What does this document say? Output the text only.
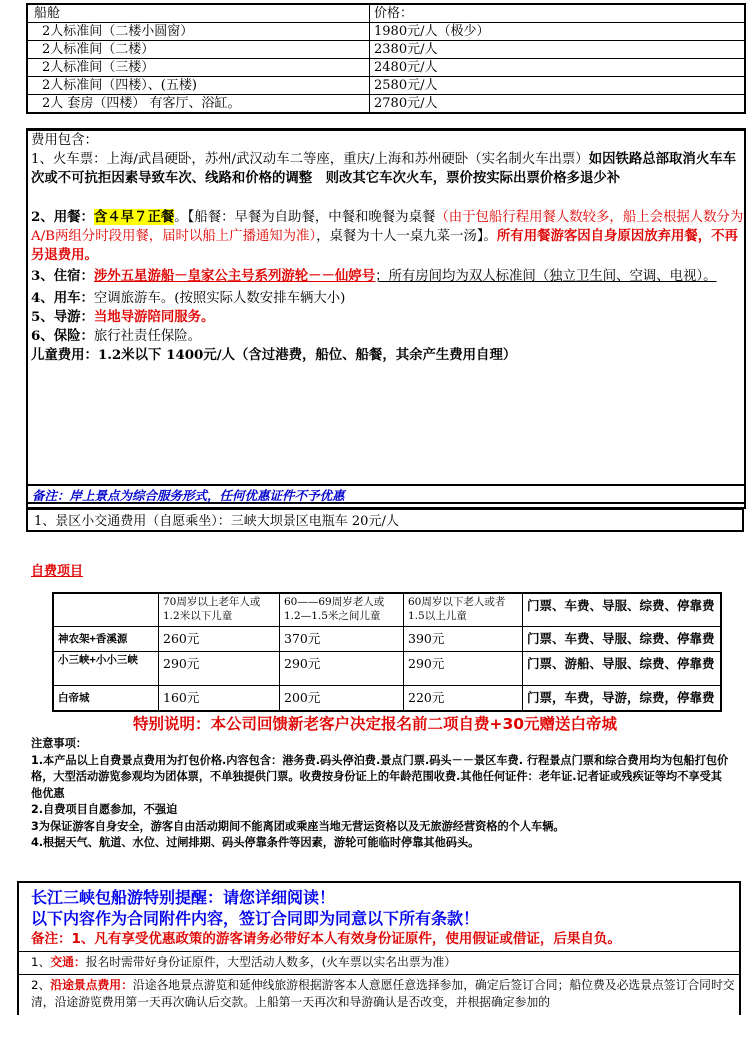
船舱	价格：
2人标准间（二楼小圆窗）	1980元/人（极少）
2人标准间（二楼）	2380元/人
2人标准间（三楼）	2480元/人
2人标准间（四楼）、(五楼)	2580元/人
2人 套房（四楼） 有客厅、浴缸。	2780元/人
费用包含：
1、火车票：上海/武昌硬卧，苏州/武汉动车二等座，重庆/上海和苏州硬卧（实名制火车出票）如因铁路总部取消火车车次或不可抗拒因素导致车次、线路和价格的调整　则改其它车次火车，票价按实际出票价格多退少补
2、用餐：含４早７正餐。【船餐：早餐为自助餐，中餐和晚餐为桌餐（由于包船行程用餐人数较多，船上会根据人数分为A/B两组分时段用餐，届时以船上广播通知为准），桌餐为十人一桌九菜一汤】。所有用餐游客因自身原因放弃用餐，不再另退费用。
3、住宿：涉外五星游船－皇家公主号系列游轮－－仙婷号；所有房间均为双人标准间（独立卫生间、空调、电视）。
4、用车：空调旅游车。(按照实际人数安排车辆大小)
5、导游：当地导游陪同服务。
6、保险：旅行社责任保险。
儿童费用：1.2米以下 1400元/人（含过港费，船位、船餐，其余产生费用自理）
备注：岸上景点为综合服务形式，任何优惠证件不予优惠
1、景区小交通费用（自愿乘坐）：三峡大坝景区电瓶车 20元/人
自费项目
	70周岁以上老年人或1.2米以下儿童	60——69周岁老人或1.2—1.5米之间儿童	60周岁以下老人或者1.5以上儿童	门票、车费、导服、综费、停靠费
神农架+香溪源	260元	370元	390元	门票、车费、导服、综费、停靠费
小三峡+小小三峡	290元	290元	290元	门票、游船、导服、综费、停靠费
白帝城	160元	200元	220元	门票，车费，导游，综费，停靠费
特别说明：本公司回馈新老客户决定报名前二项自费+30元赠送白帝城
注意事项：
1.本产品以上自费景点费用为打包价格.内容包含：港务费.码头停泊费.景点门票.码头－－景区车费. 行程景点门票和综合费用均为包船打包价格，大型活动游览参观均为团体票，不单独提供门票。收费按身份证上的年龄范围收费.其他任何证件：老年证.记者证或残疾证等均不享受其他优惠
2.自费项目自愿参加，不强迫
3为保证游客自身安全，游客自由活动期间不能离团或乘座当地无营运资格以及无旅游经营资格的个人车辆。
4.根据天气、航道、水位、过闸排期、码头停靠条件等因素，游轮可能临时停靠其他码头。
长江三峡包船游特别提醒：请您详细阅读！
以下内容作为合同附件内容，签订合同即为同意以下所有条款！
备注：1、凡有享受优惠政策的游客请务必带好本人有效身份证原件，使用假证或借证，后果自负。
1、交通：报名时需带好身份证原件，大型活动人数多，(火车票以实名出票为准）
2、沿途景点费用：沿途各地景点游览和延伸线旅游根据游客本人意愿任意选择参加，确定后签订合同；船位费及必选景点签订合同时交清，沿途游览费用第一天再次确认后交款。上船第一天再次和导游确认是否改变，并根据确定参加的
